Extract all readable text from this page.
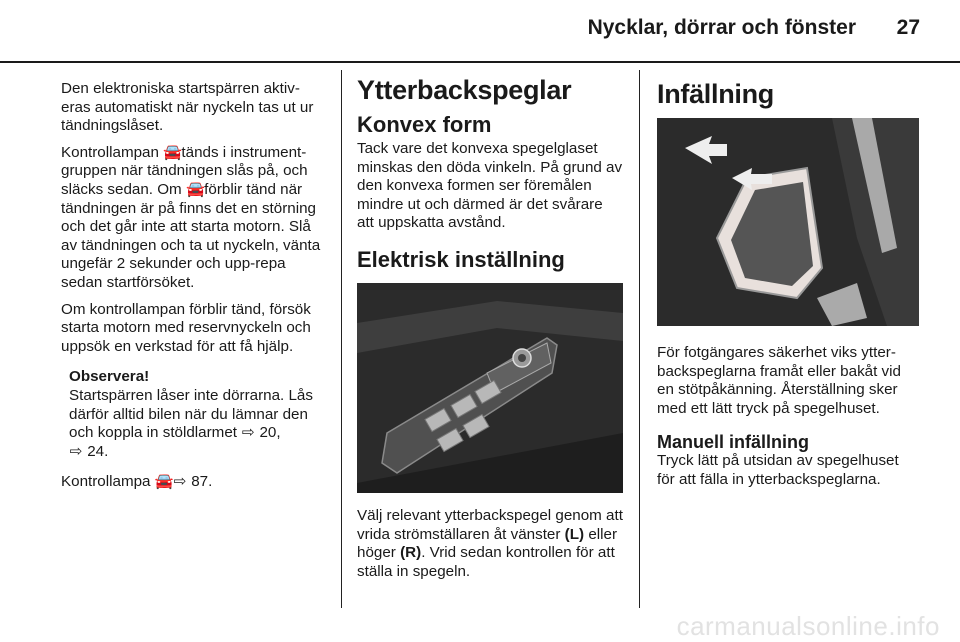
Nycklar, dörrar och fönster 27

Den elektroniska startspärren aktiv-eras automatiskt när nyckeln tas ut ur tändningslåset.

Kontrollampan 🚘 tänds i instrument-gruppen när tändningen slås på, och släcks sedan. Om 🚘 förblir tänd när tändningen är på finns det en störning och det går inte att starta motorn. Slå av tändningen och ta ut nyckeln, vänta ungefär 2 sekunder och upp-repa sedan startförsöket.

Om kontrollampan förblir tänd, försök starta motorn med reservnyckeln och uppsök en verkstad för att få hjälp.

Observera!
Startspärren låser inte dörrarna. Lås därför alltid bilen när du lämnar den och koppla in stöldlarmet ⇨ 20,
⇨ 24.

Kontrollampa 🚘 ⇨ 87.

Ytterbackspeglar
Konvex form

Tack vare det konvexa spegelglaset minskas den döda vinkeln. På grund av den konvexa formen ser föremålen mindre ut och därmed är det svårare att uppskatta avstånd.

Elektrisk inställning

Välj relevant ytterbackspegel genom att vrida strömställaren åt vänster (L) eller höger (R). Vrid sedan kontrollen för att ställa in spegeln.

Infällning

För fotgängares säkerhet viks ytter-backspeglarna framåt eller bakåt vid en stötpåkänning. Återställning sker med ett lätt tryck på spegelhuset.

Manuell infällning

Tryck lätt på utsidan av spegelhuset för att fälla in ytterbackspeglarna.

carmanualsonline.info
